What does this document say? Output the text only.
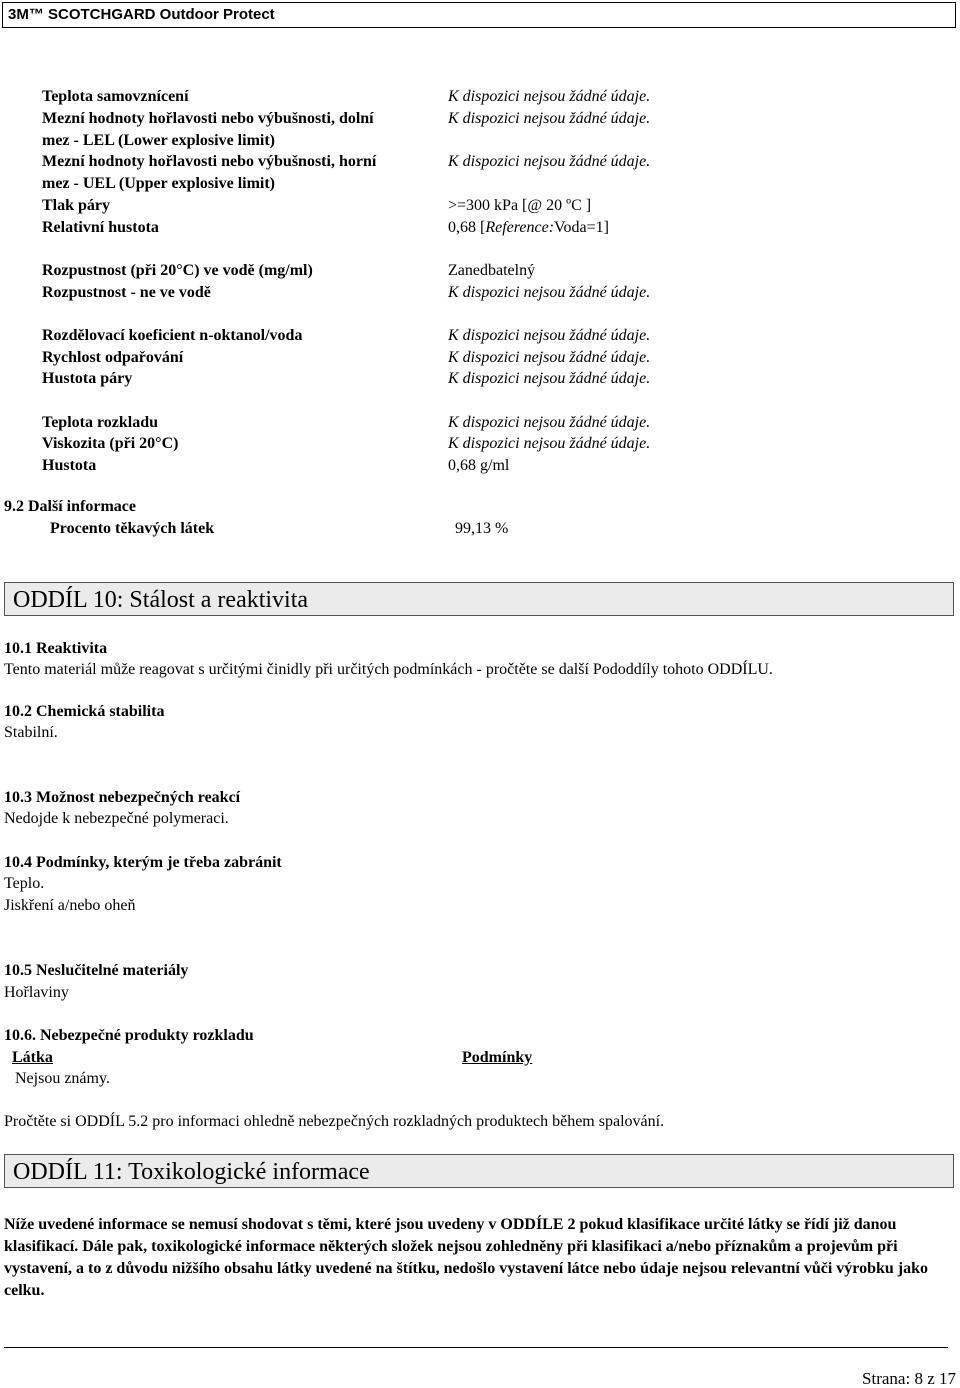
3M™ SCOTCHGARD Outdoor Protect
Teplota samovznícení	K dispozici nejsou žádné údaje.
Mezní hodnoty hořlavosti nebo výbušnosti, dolní	K dispozici nejsou žádné údaje.
mez - LEL (Lower explosive limit)
Mezní hodnoty hořlavosti nebo výbušnosti, horní	K dispozici nejsou žádné údaje.
mez - UEL (Upper explosive limit)
Tlak páry	>=300 kPa [@ 20 ºC ]
Relativní hustota	0,68 [Reference:Voda=1]
Rozpustnost (při 20°C) ve vodě (mg/ml)	Zanedbatelný
Rozpustnost - ne ve vodě	K dispozici nejsou žádné údaje.
Rozdělovací koeficient n-oktanol/voda	K dispozici nejsou žádné údaje.
Rychlost odpařování	K dispozici nejsou žádné údaje.
Hustota páry	K dispozici nejsou žádné údaje.
Teplota rozkladu	K dispozici nejsou žádné údaje.
Viskozita (při 20°C)	K dispozici nejsou žádné údaje.
Hustota	0,68 g/ml
9.2 Další informace
Procento těkavých látek	99,13 %
ODDÍL 10: Stálost a reaktivita
10.1 Reaktivita
Tento materiál může reagovat s určitými činidly při určitých podmínkách - pročtěte se další Pododdíly tohoto ODDÍLU.
10.2 Chemická stabilita
Stabilní.
10.3 Možnost nebezpečných reakcí
Nedojde k nebezpečné polymeraci.
10.4 Podmínky, kterým je třeba zabránit
Teplo.
Jiskření a/nebo oheň
10.5 Neslučitelné materiály
Hořlaviny
10.6. Nebezpečné produkty rozkladu
Látka	Podmínky
Nejsou známy.
Pročtěte si ODDÍL 5.2 pro informaci ohledně nebezpečných rozkladných produktech během spalování.
ODDÍL 11: Toxikologické informace
Níže uvedené informace se nemusí shodovat s těmi, které jsou uvedeny v ODDÍLE 2 pokud klasifikace určité látky se řídí již danou klasifikací. Dále pak, toxikologické informace některých složek nejsou zohledněny při klasifikaci a/nebo příznakům a projevům při vystavení, a to z důvodu nižšího obsahu látky uvedené na štítku, nedošlo vystavení látce nebo údaje nejsou relevantní vůči výrobku jako celku.
Strana: 8 z 17
